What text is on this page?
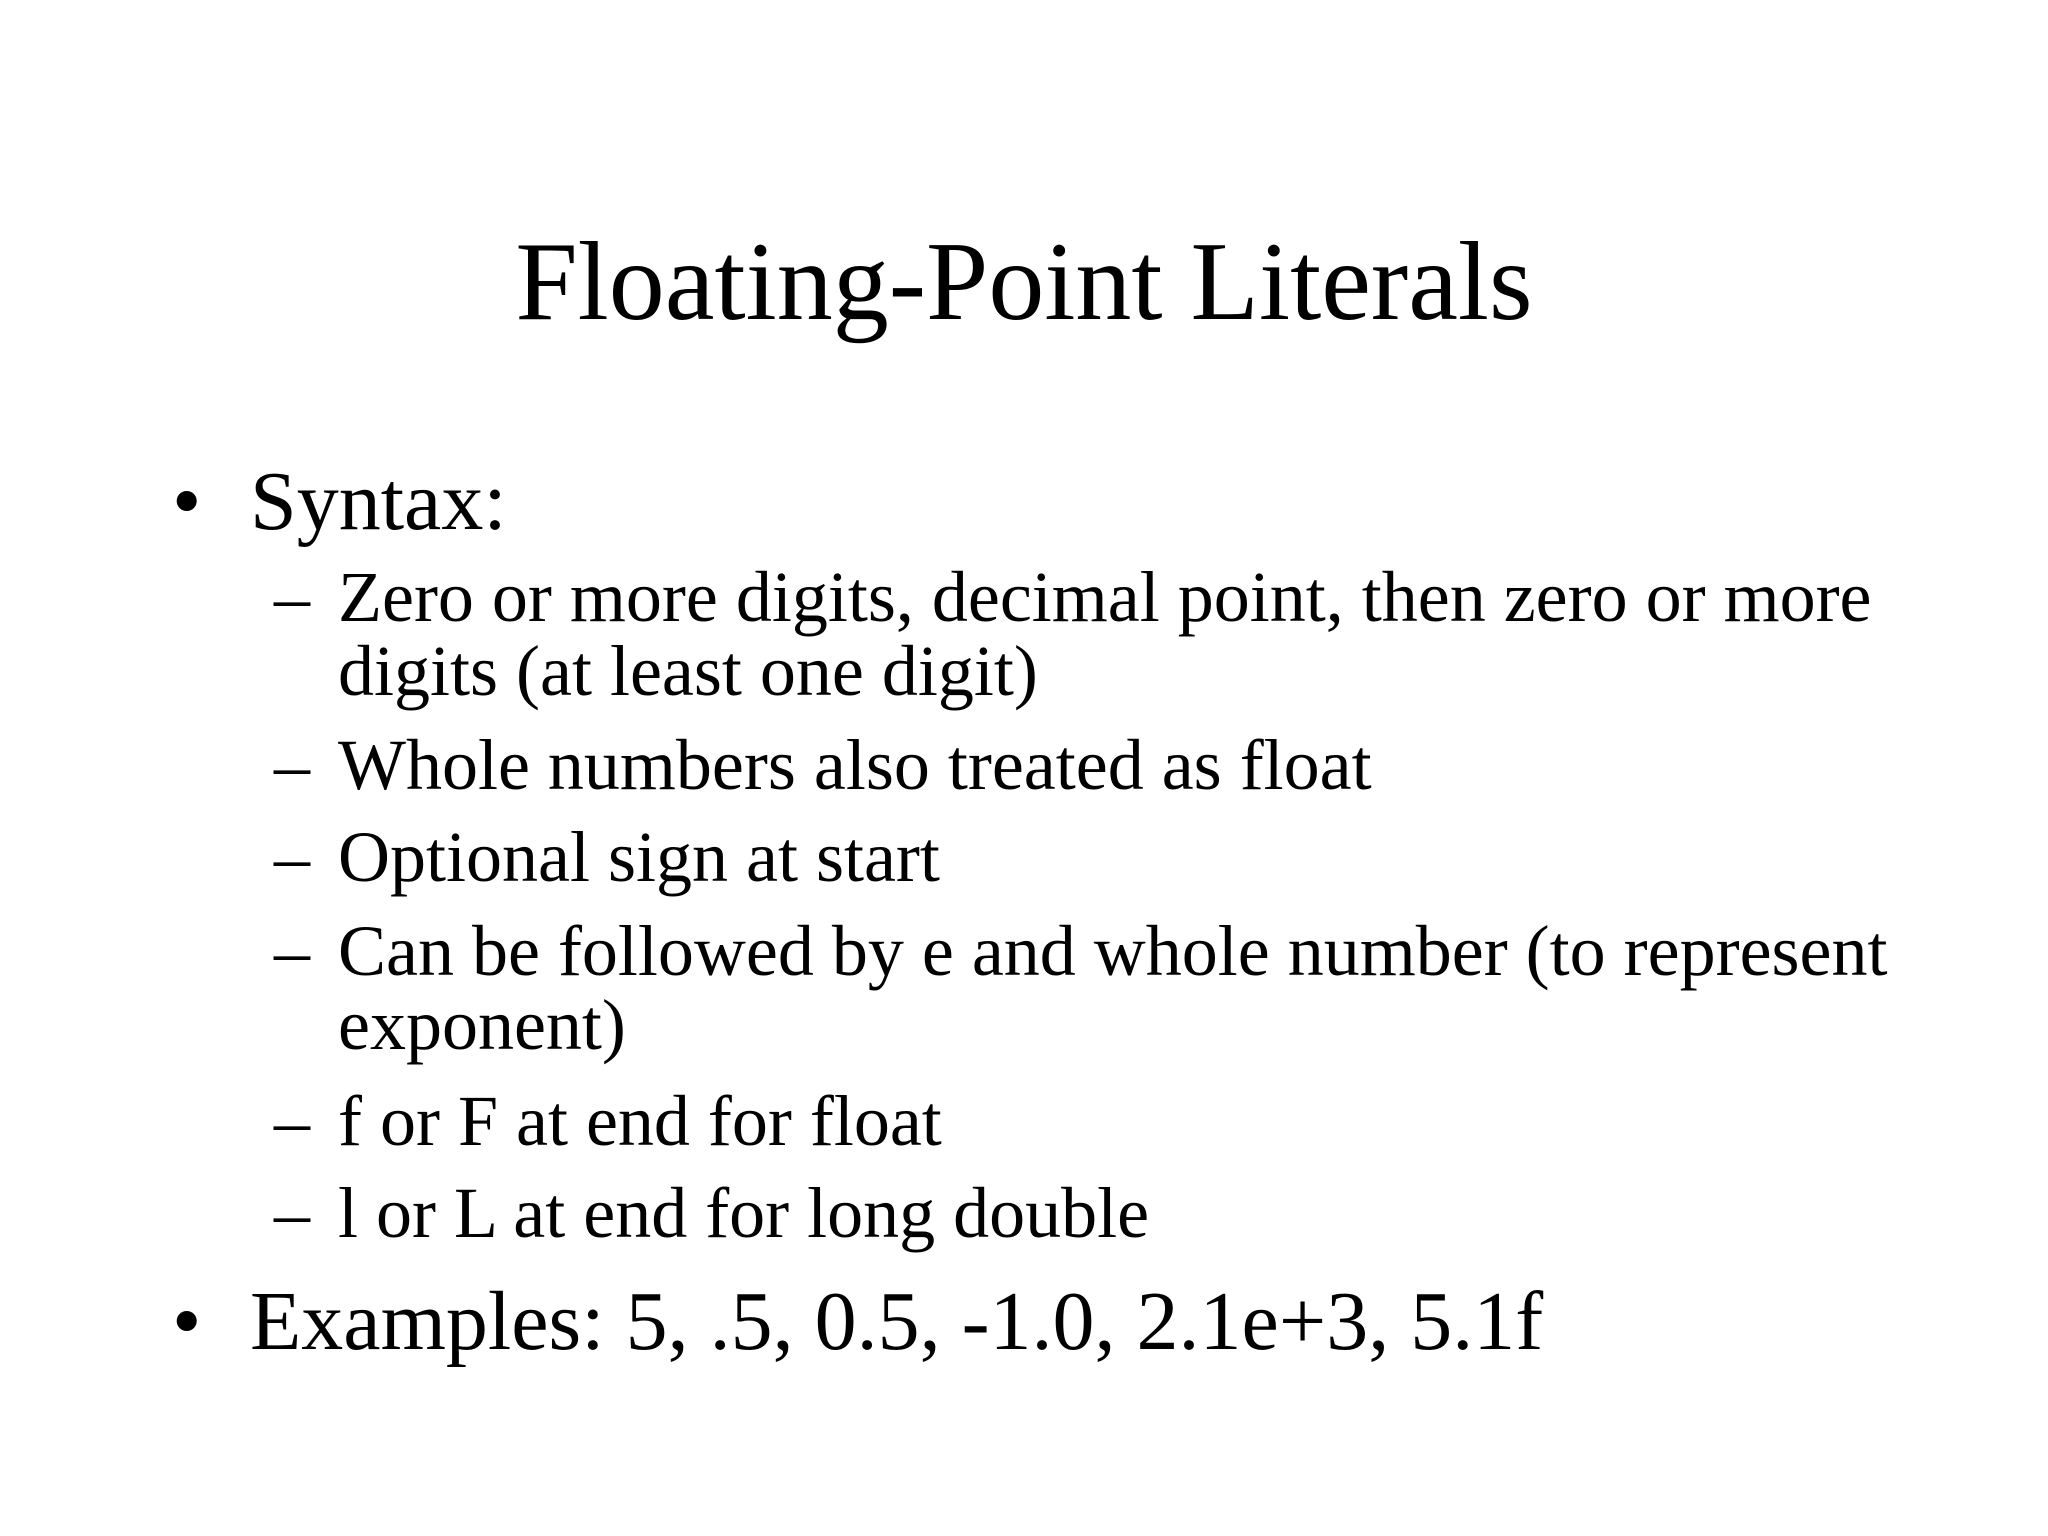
Floating-Point Literals
• Syntax:
– Zero or more digits, decimal point, then zero or more digits (at least one digit)
– Whole numbers also treated as float
– Optional sign at start
– Can be followed by e and whole number (to represent exponent)
– f or F at end for float
– l or L at end for long double
• Examples: 5, .5, 0.5, -1.0, 2.1e+3, 5.1f
